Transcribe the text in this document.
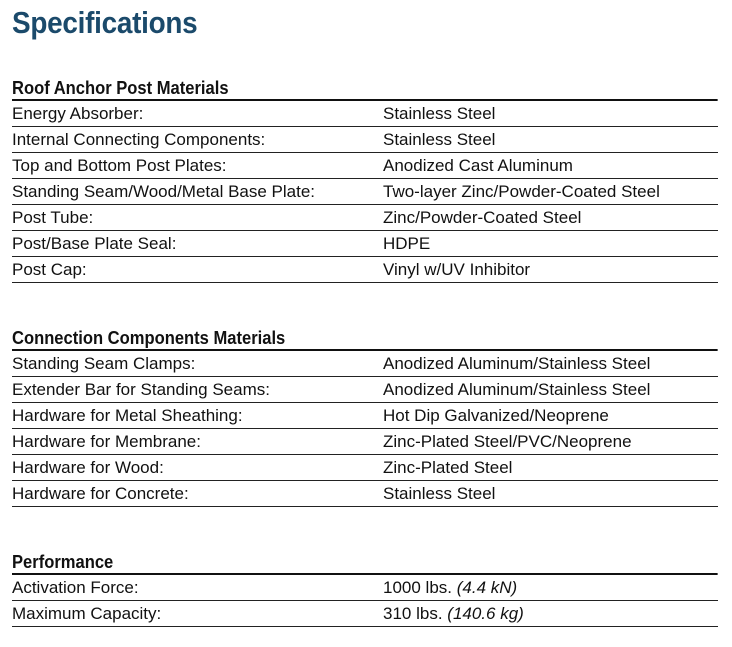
Specifications
Roof Anchor Post Materials
Energy Absorber:	Stainless Steel
Internal Connecting Components:	Stainless Steel
Top and Bottom Post Plates:	Anodized Cast Aluminum
Standing Seam/Wood/Metal Base Plate:	Two-layer Zinc/Powder-Coated Steel
Post Tube:	Zinc/Powder-Coated Steel
Post/Base Plate Seal:	HDPE
Post Cap:	Vinyl w/UV Inhibitor
Connection Components Materials
Standing Seam Clamps:	Anodized Aluminum/Stainless Steel
Extender Bar for Standing Seams:	Anodized Aluminum/Stainless Steel
Hardware for Metal Sheathing:	Hot Dip Galvanized/Neoprene
Hardware for Membrane:	Zinc-Plated Steel/PVC/Neoprene
Hardware for Wood:	Zinc-Plated Steel
Hardware for Concrete:	Stainless Steel
Performance
Activation Force:	1000 lbs. (4.4 kN)
Maximum Capacity:	310 lbs. (140.6 kg)
